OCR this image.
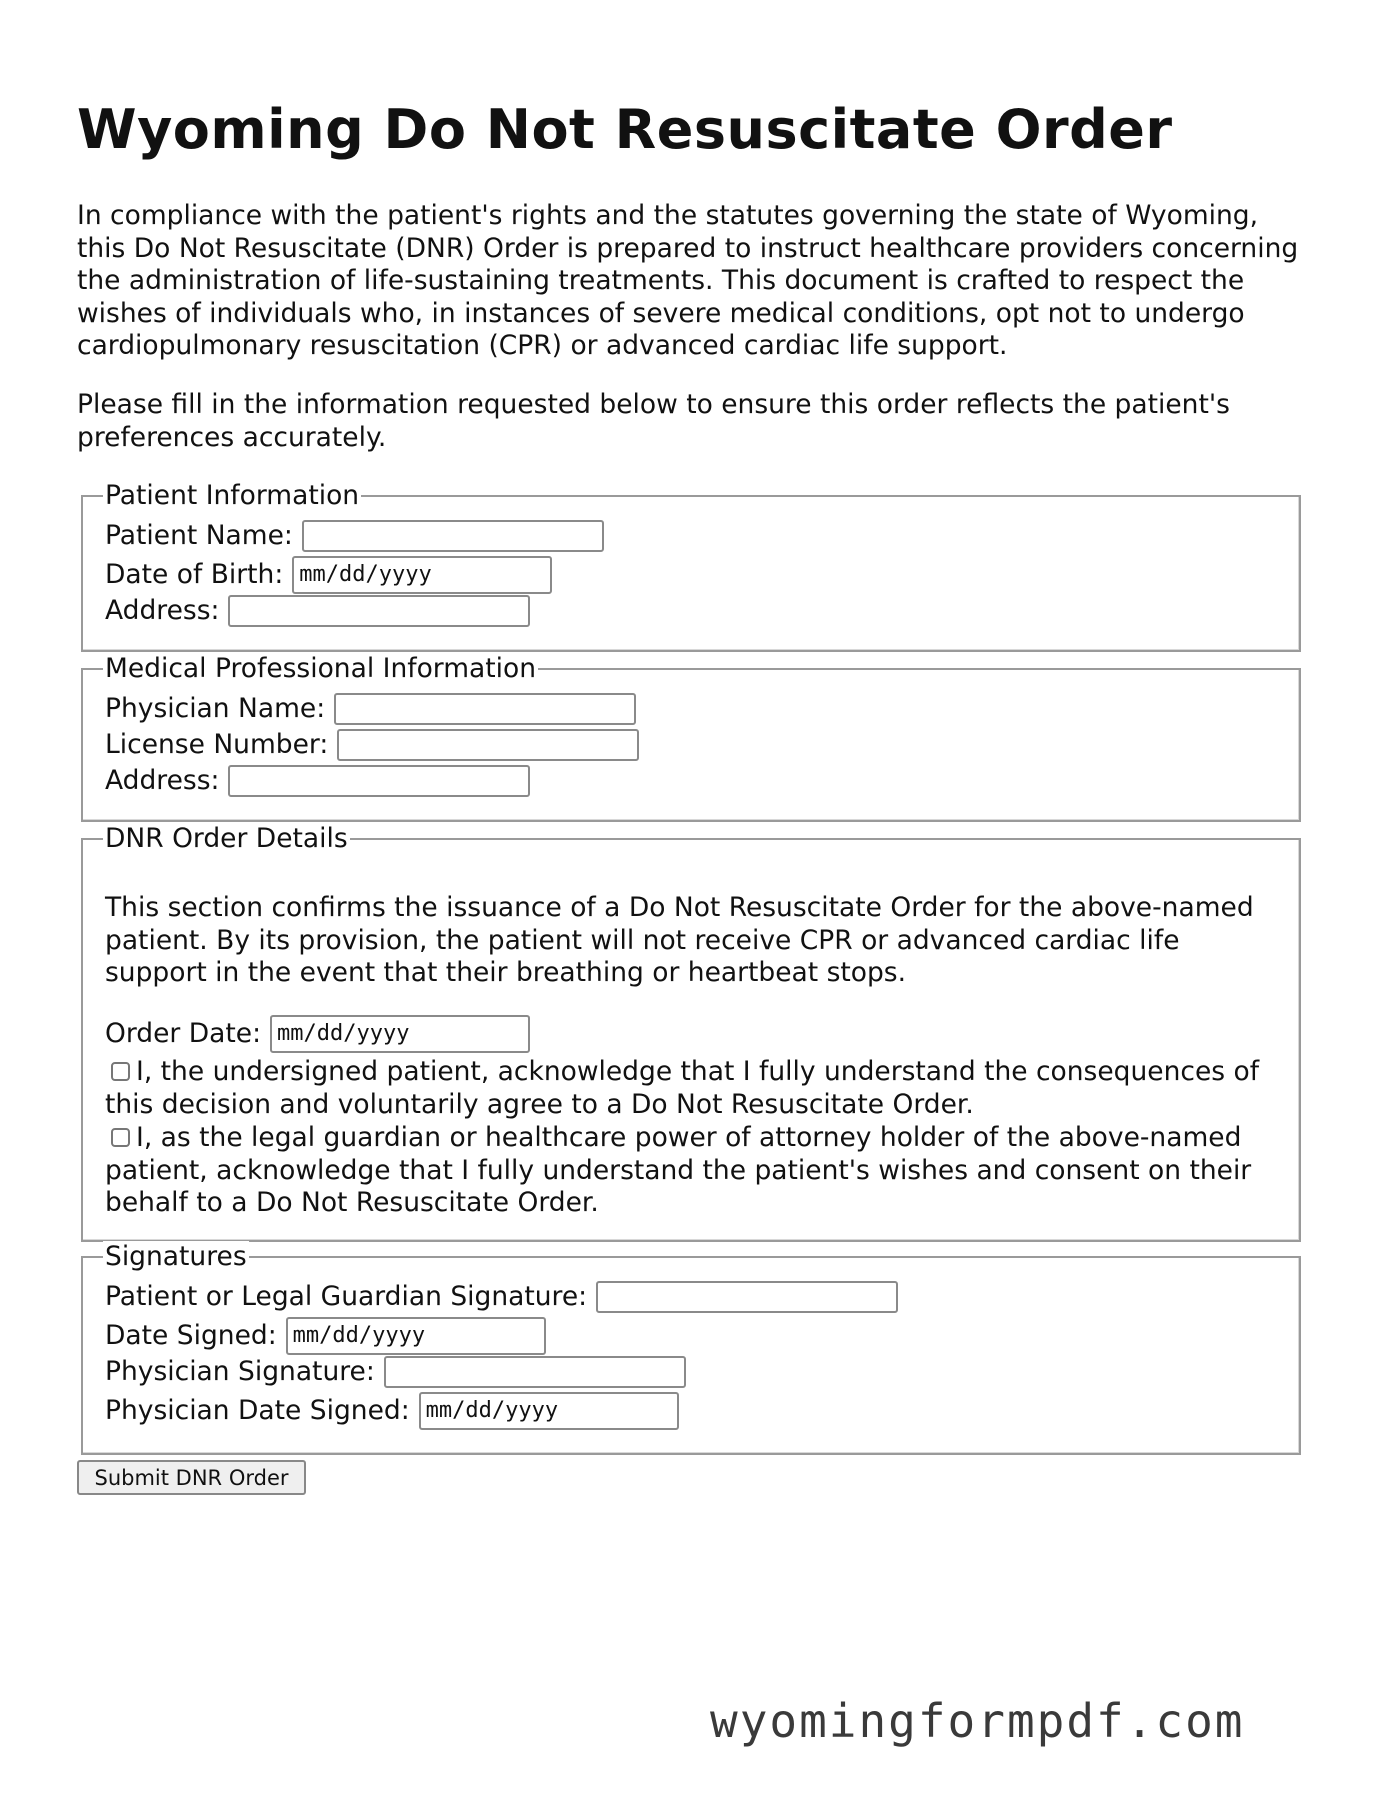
Wyoming Do Not Resuscitate Order

In compliance with the patient's rights and the statutes governing the state of Wyoming, this Do Not Resuscitate (DNR) Order is prepared to instruct healthcare providers concerning the administration of life-sustaining treatments. This document is crafted to respect the wishes of individuals who, in instances of severe medical conditions, opt not to undergo cardiopulmonary resuscitation (CPR) or advanced cardiac life support.

Please fill in the information requested below to ensure this order reflects the patient's preferences accurately.

Patient Information
Patient Name:
Date of Birth: mm/dd/yyyy
Address:
Medical Professional Information
Physician Name:
License Number:
Address:
DNR Order Details
This section confirms the issuance of a Do Not Resuscitate Order for the above-named patient. By its provision, the patient will not receive CPR or advanced cardiac life support in the event that their breathing or heartbeat stops.
Order Date: mm/dd/yyyy
I, the undersigned patient, acknowledge that I fully understand the consequences of this decision and voluntarily agree to a Do Not Resuscitate Order.
I, as the legal guardian or healthcare power of attorney holder of the above-named patient, acknowledge that I fully understand the patient's wishes and consent on their behalf to a Do Not Resuscitate Order.
Signatures
Patient or Legal Guardian Signature:
Date Signed: mm/dd/yyyy
Physician Signature:
Physician Date Signed: mm/dd/yyyy
Submit DNR Order
wyomingformpdf.com
